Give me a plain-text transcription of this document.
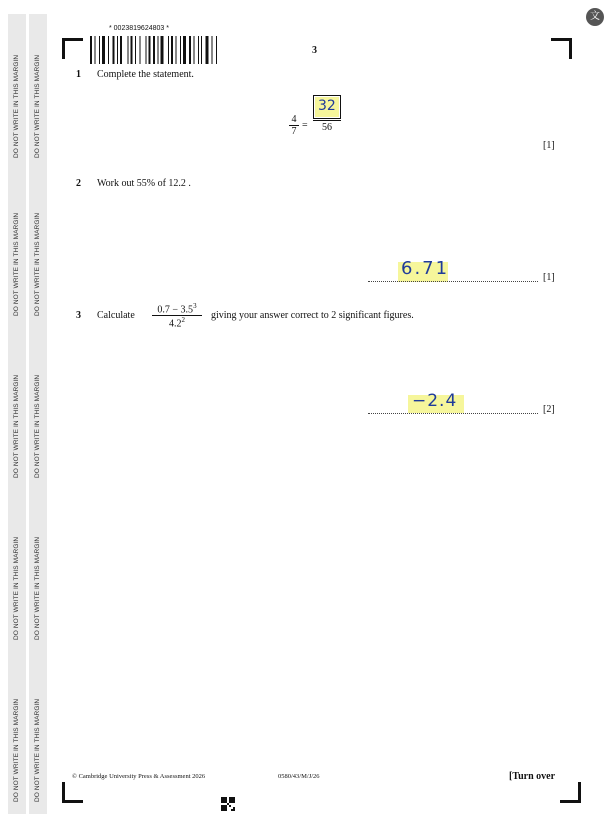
DO NOT WRITE IN THIS MARGIN
DO NOT WRITE IN THIS MARGIN
DO NOT WRITE IN THIS MARGIN
DO NOT WRITE IN THIS MARGIN
DO NOT WRITE IN THIS MARGIN
DO NOT WRITE IN THIS MARGIN
DO NOT WRITE IN THIS MARGIN
DO NOT WRITE IN THIS MARGIN
DO NOT WRITE IN THIS MARGIN
DO NOT WRITE IN THIS MARGIN
* 0023819624803 *
3
文
1 Complete the statement.
$\frac{4}{7}$ =
32
56
[1]
2 Work out 55% of 12.2 .
6.71	[1]
3 Calculate $\frac{0.7 - 3.5^3}{4.2^2}$ giving your answer correct to 2 significant figures.
−2.4	[2]
© Cambridge University Press & Assessment 2026	0580/43/M/J/26	[Turn over
